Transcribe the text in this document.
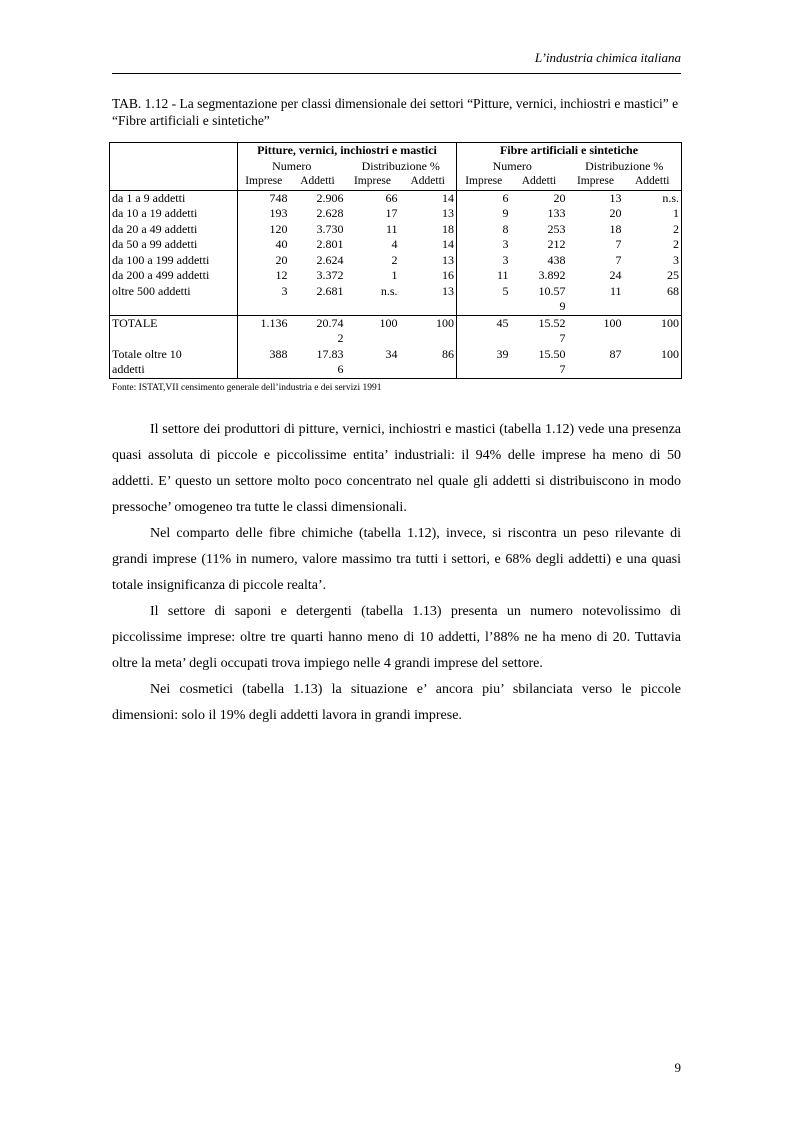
L’industria chimica italiana
TAB. 1.12 - La segmentazione per classi dimensionale dei settori “Pitture, vernici, inchiostri e mastici” e “Fibre artificiali e sintetiche”
	Pitture, vernici, inchiostri e mastici				Fibre artificiali e sintetiche			
	Numero		Distribuzione %		Numero		Distribuzione %	
	Imprese	Addetti	Imprese	Addetti	Imprese	Addetti	Imprese	Addetti
da 1 a 9 addetti	748	2.906	66	14	6	20	13	n.s.
da 10 a 19 addetti	193	2.628	17	13	9	133	20	1
da 20 a 49 addetti	120	3.730	11	18	8	253	18	2
da 50 a 99 addetti	40	2.801	4	14	3	212	7	2
da 100 a 199 addetti	20	2.624	2	13	3	438	7	3
da 200 a 499 addetti	12	3.372	1	16	11	3.892	24	25
oltre 500 addetti	3	2.681	n.s.	13	5	10.57	11	68
						9		
TOTALE	1.136	20.74	100	100	45	15.52	100	100
		2				7		
Totale oltre 10	388	17.83	34	86	39	15.50	87	100
addetti		6				7		
Fonte: ISTAT,VII censimento generale dell’industria e dei servizi 1991

Il settore dei produttori di pitture, vernici, inchiostri e mastici (tabella 1.12) vede una presenza quasi assoluta di piccole e piccolissime entita’ industriali: il 94% delle imprese ha meno di 50 addetti. E’ questo un settore molto poco concentrato nel quale gli addetti si distribuiscono in modo pressoche’ omogeneo tra tutte le classi dimensionali.

Nel comparto delle fibre chimiche (tabella 1.12), invece, si riscontra un peso rilevante di grandi imprese (11% in numero, valore massimo tra tutti i settori, e 68% degli addetti) e una quasi totale insignificanza di piccole realta’.

Il settore di saponi e detergenti (tabella 1.13) presenta un numero notevolissimo di piccolissime imprese: oltre tre quarti hanno meno di 10 addetti, l’88% ne ha meno di 20. Tuttavia oltre la meta’ degli occupati trova impiego nelle 4 grandi imprese del settore.

Nei cosmetici (tabella 1.13) la situazione e’ ancora piu’ sbilanciata verso le piccole dimensioni: solo il 19% degli addetti lavora in grandi imprese.

9
